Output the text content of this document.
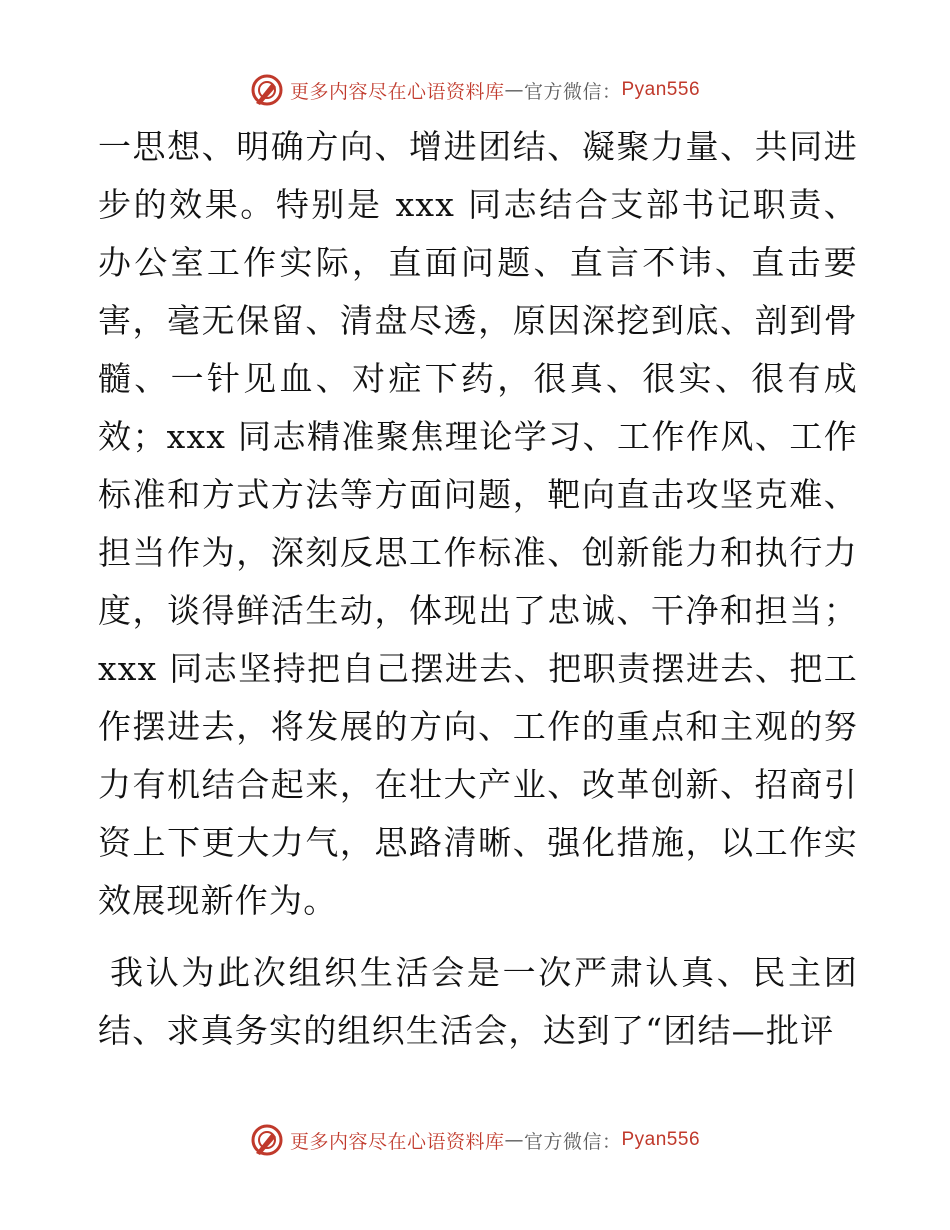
更多内容尽在心语资料库 — 官方微信： Pyan556

一思想、明确方向、增进团结、凝聚力量、共同进步的效果。特别是 xxx 同志结合支部书记职责、办公室工作实际，直面问题、直言不讳、直击要害，毫无保留、清盘尽透，原因深挖到底、剖到骨髓、一针见血、对症下药，很真、很实、很有成效；xxx 同志精准聚焦理论学习、工作作风、工作标准和方式方法等方面问题，靶向直击攻坚克难、担当作为，深刻反思工作标准、创新能力和执行力度，谈得鲜活生动，体现出了忠诚、干净和担当；xxx 同志坚持把自己摆进去、把职责摆进去、把工作摆进去，将发展的方向、工作的重点和主观的努力有机结合起来，在壮大产业、改革创新、招商引资上下更大力气，思路清晰、强化措施，以工作实效展现新作为。

我认为此次组织生活会是一次严肃认真、民主团结、求真务实的组织生活会，达到了“团结—批评

更多内容尽在心语资料库 — 官方微信： Pyan556
